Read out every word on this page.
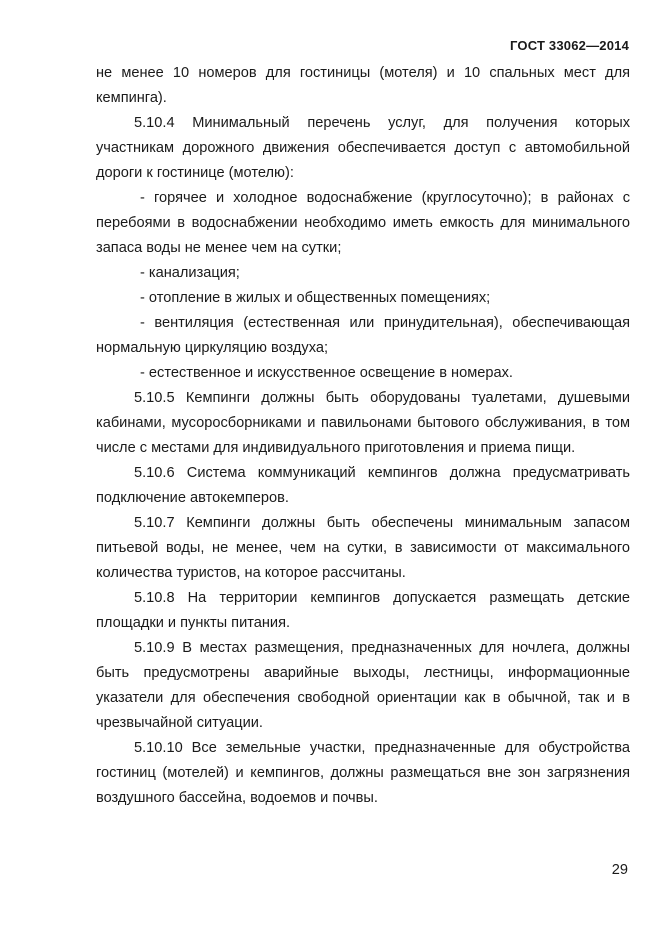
ГОСТ 33062—2014

не менее 10 номеров для гостиницы (мотеля) и 10 спальных мест для кемпинга).

5.10.4 Минимальный перечень услуг, для получения которых участникам дорожного движения обеспечивается доступ с автомобильной дороги к гостинице (мотелю):

- горячее и холодное водоснабжение (круглосуточно); в районах с перебоями в водоснабжении необходимо иметь емкость для минимального запаса воды не менее чем на сутки;

- канализация;

- отопление в жилых и общественных помещениях;

- вентиляция (естественная или принудительная), обеспечивающая нормальную циркуляцию воздуха;

- естественное и искусственное освещение в номерах.

5.10.5 Кемпинги должны быть оборудованы туалетами, душевыми кабинами, мусоросборниками и павильонами бытового обслуживания, в том числе с местами для индивидуального приготовления и приема пищи.

5.10.6 Система коммуникаций кемпингов должна предусматривать подключение автокемперов.

5.10.7 Кемпинги должны быть обеспечены минимальным запасом питьевой воды, не менее, чем на сутки, в зависимости от максимального количества туристов, на которое рассчитаны.

5.10.8 На территории кемпингов допускается размещать детские площадки и пункты питания.

5.10.9 В местах размещения, предназначенных для ночлега, должны быть предусмотрены аварийные выходы, лестницы, информационные указатели для обеспечения свободной ориентации как в обычной, так и в чрезвычайной ситуации.

5.10.10 Все земельные участки, предназначенные для обустройства гостиниц (мотелей) и кемпингов, должны размещаться вне зон загрязнения воздушного бассейна, водоемов и почвы.

29
